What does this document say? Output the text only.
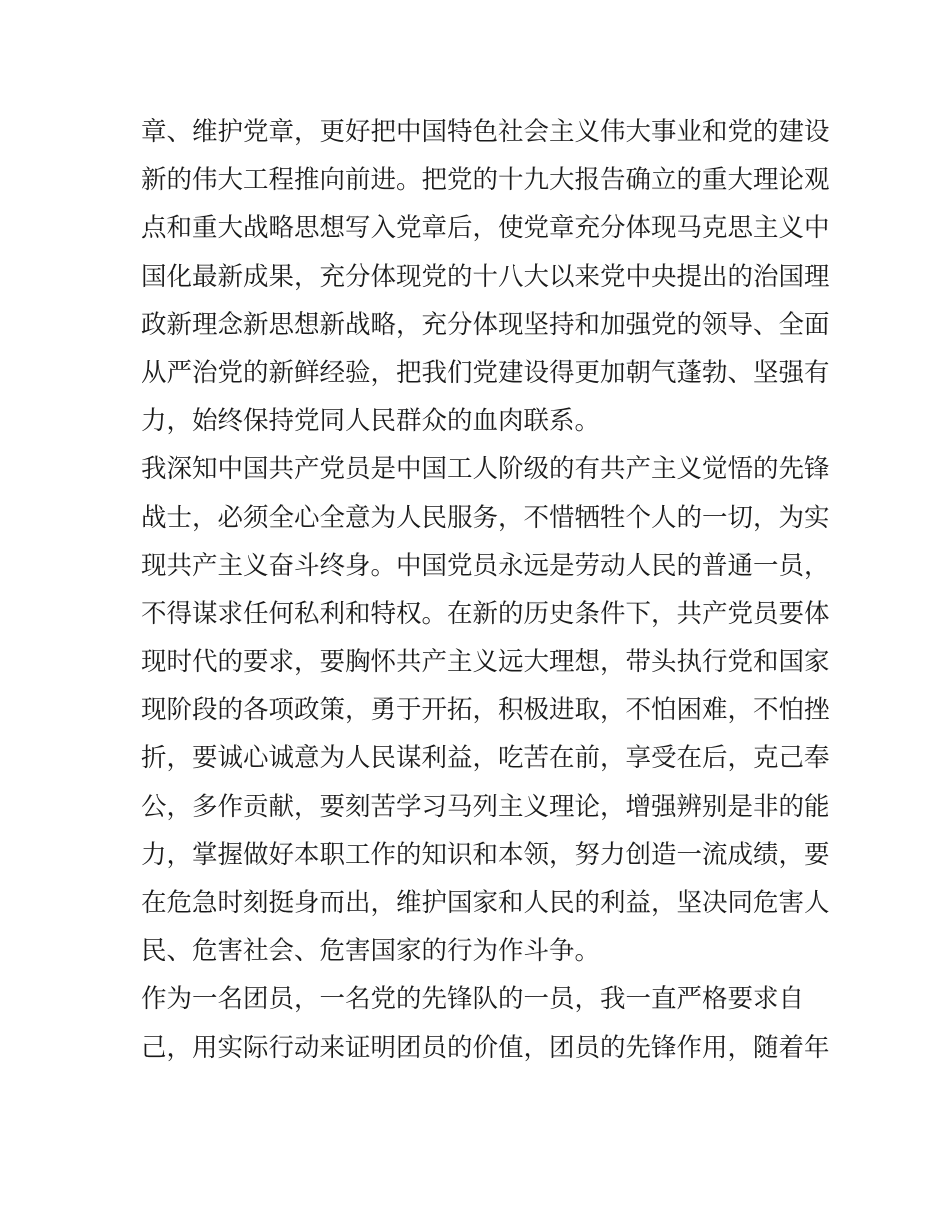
章、维护党章，更好把中国特色社会主义伟大事业和党的建设
新的伟大工程推向前进。把党的十九大报告确立的重大理论观
点和重大战略思想写入党章后，使党章充分体现马克思主义中
国化最新成果，充分体现党的十八大以来党中央提出的治国理
政新理念新思想新战略，充分体现坚持和加强党的领导、全面
从严治党的新鲜经验，把我们党建设得更加朝气蓬勃、坚强有
力，始终保持党同人民群众的血肉联系。
我深知中国共产党员是中国工人阶级的有共产主义觉悟的先锋
战士，必须全心全意为人民服务，不惜牺牲个人的一切，为实
现共产主义奋斗终身。中国党员永远是劳动人民的普通一员，
不得谋求任何私利和特权。在新的历史条件下，共产党员要体
现时代的要求，要胸怀共产主义远大理想，带头执行党和国家
现阶段的各项政策，勇于开拓，积极进取，不怕困难，不怕挫
折，要诚心诚意为人民谋利益，吃苦在前，享受在后，克己奉
公，多作贡献，要刻苦学习马列主义理论，增强辨别是非的能
力，掌握做好本职工作的知识和本领，努力创造一流成绩，要
在危急时刻挺身而出，维护国家和人民的利益，坚决同危害人
民、危害社会、危害国家的行为作斗争。
作为一名团员，一名党的先锋队的一员，我一直严格要求自
己，用实际行动来证明团员的价值，团员的先锋作用，随着年
